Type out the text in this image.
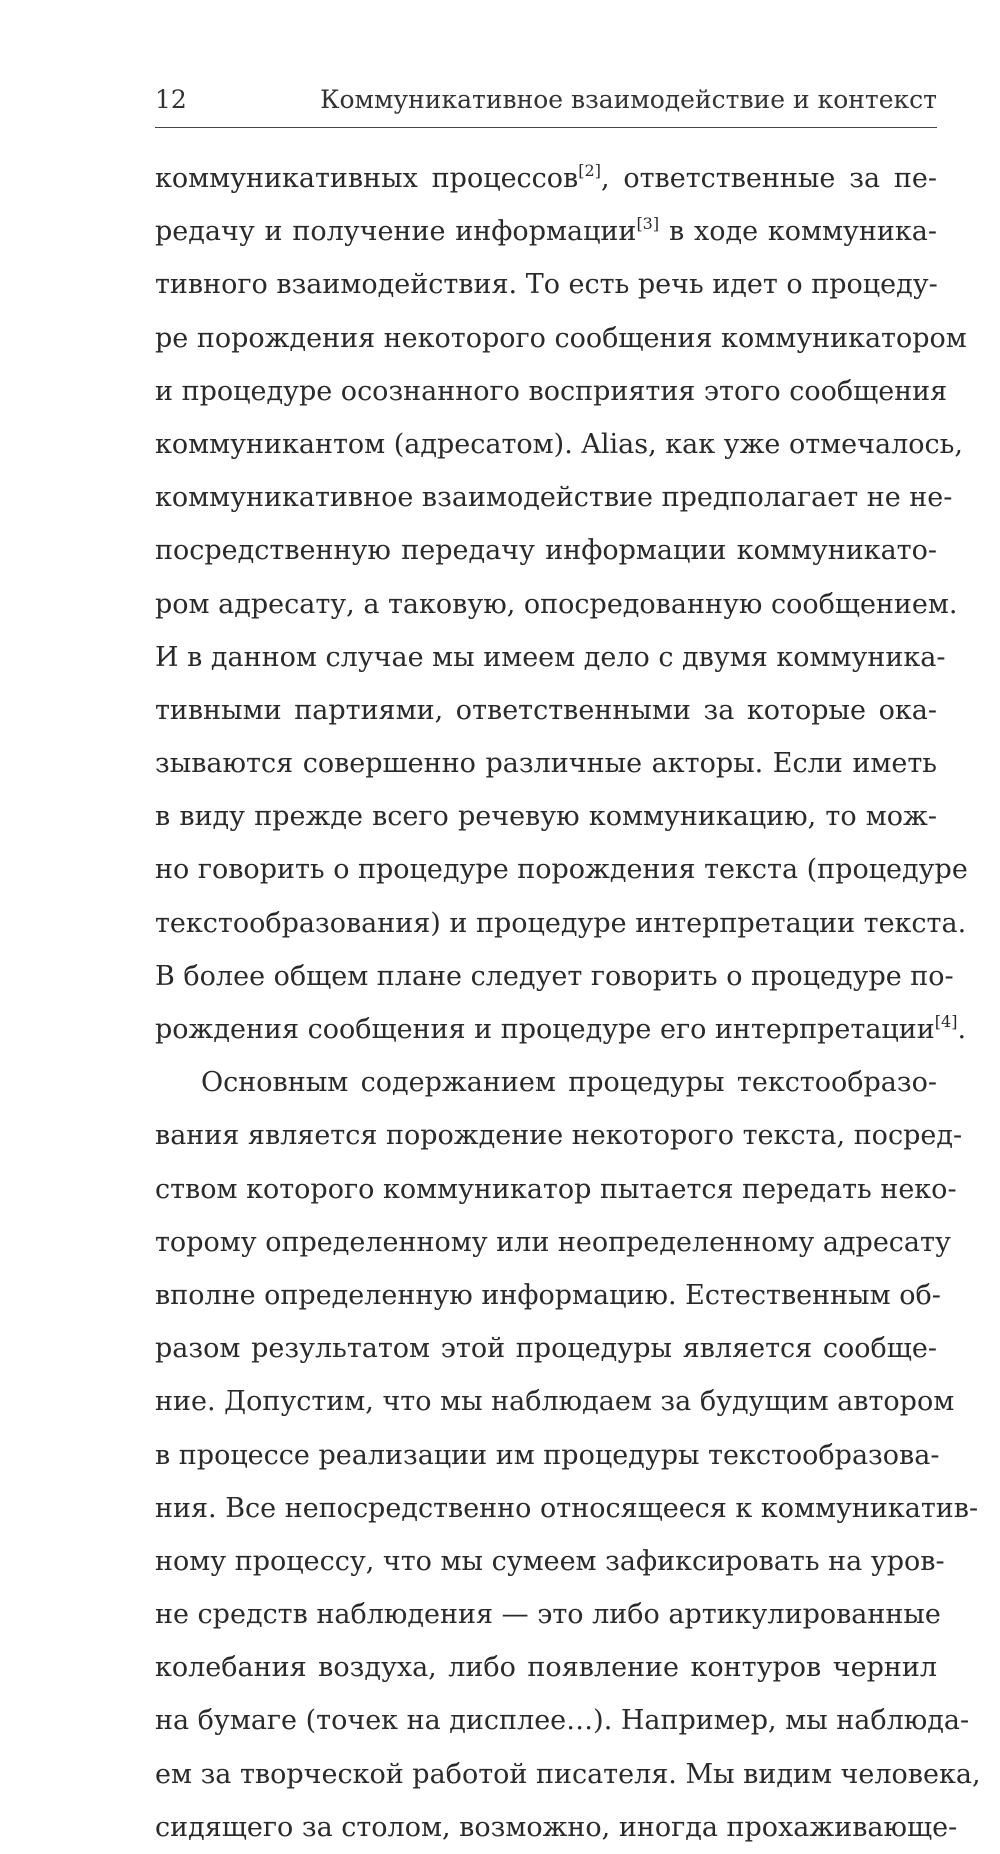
12	Коммуникативное взаимодействие и контекст
коммуникативных процессов[2], ответственные за пе-
редачу и получение информации[3] в ходе коммуника-
тивного взаимодействия. То есть речь идет о процеду-
ре порождения некоторого сообщения коммуникатором
и процедуре осознанного восприятия этого сообщения
коммуникантом (адресатом). Alias, как уже отмечалось,
коммуникативное взаимодействие предполагает не не-
посредственную передачу информации коммуникато-
ром адресату, а таковую, опосредованную сообщением.
И в данном случае мы имеем дело с двумя коммуника-
тивными партиями, ответственными за которые ока-
зываются совершенно различные акторы. Если иметь
в виду прежде всего речевую коммуникацию, то мож-
но говорить о процедуре порождения текста (процедуре
текстообразования) и процедуре интерпретации текста.
В более общем плане следует говорить о процедуре по-
рождения сообщения и процедуре его интерпретации[4].
Основным содержанием процедуры текстообразо-
вания является порождение некоторого текста, посред-
ством которого коммуникатор пытается передать неко-
торому определенному или неопределенному адресату
вполне определенную информацию. Естественным об-
разом результатом этой процедуры является сообще-
ние. Допустим, что мы наблюдаем за будущим автором
в процессе реализации им процедуры текстообразова-
ния. Все непосредственно относящееся к коммуникатив-
ному процессу, что мы сумеем зафиксировать на уров-
не средств наблюдения — это либо артикулированные
колебания воздуха, либо появление контуров чернил
на бумаге (точек на дисплее…). Например, мы наблюда-
ем за творческой работой писателя. Мы видим человека,
сидящего за столом, возможно, иногда прохаживающе-
